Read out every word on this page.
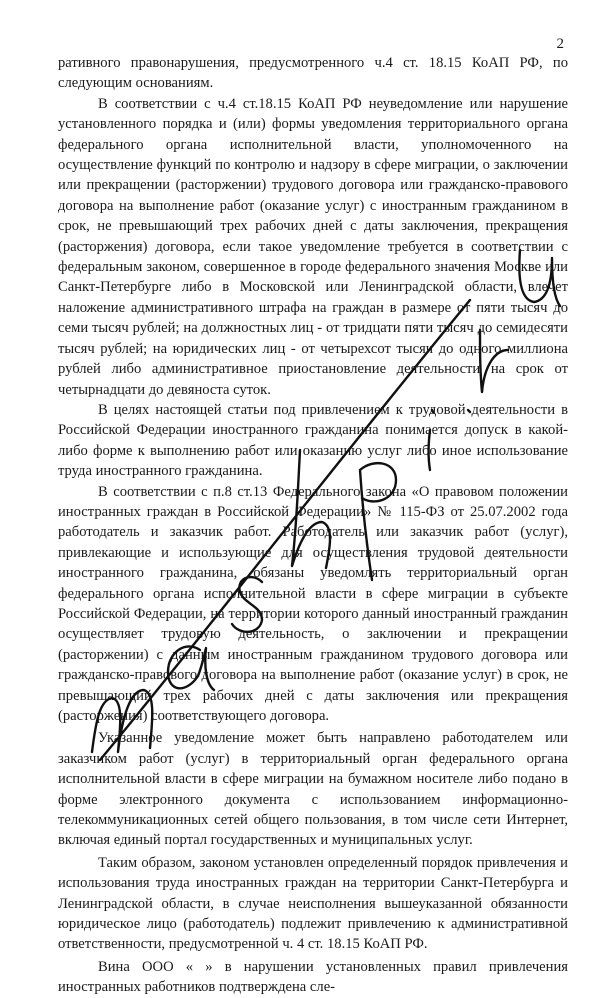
2

ративного правонарушения, предусмотренного ч.4 ст. 18.15 КоАП РФ, по следующим основаниям.

В соответствии с ч.4 ст.18.15 КоАП РФ неуведомление или нарушение установленного порядка и (или) формы уведомления территориального органа федерального органа исполнительной власти, уполномоченного на осуществление функций по контролю и надзору в сфере миграции, о заключении или прекращении (расторжении) трудового договора или гражданско-правового договора на выполнение работ (оказание услуг) с иностранным гражданином в срок, не превышающий трех рабочих дней с даты заключения, прекращения (расторжения) договора, если такое уведомление требуется в соответствии с федеральным законом, совершенное в городе федерального значения Москве или Санкт-Петербурге либо в Московской или Ленинградской области, влечет наложение административного штрафа на граждан в размере от пяти тысяч до семи тысяч рублей; на должностных лиц - от тридцати пяти тысяч до семидесяти тысяч рублей; на юридических лиц - от четырехсот тысяч до одного миллиона рублей либо административное приостановление деятельности на срок от четырнадцати до девяноста суток.

В целях настоящей статьи под привлечением к трудовой деятельности в Российской Федерации иностранного гражданина понимается допуск в какой-либо форме к выполнению работ или оказанию услуг либо иное использование труда иностранного гражданина.

В соответствии с п.8 ст.13 Федерального закона «О правовом положении иностранных граждан в Российской Федерации» № 115-ФЗ от 25.07.2002 года работодатель и заказчик работ. Работодатель или заказчик работ (услуг), привлекающие и использующие для осуществления трудовой деятельности иностранного гражданина, обязаны уведомлять территориальный орган федерального органа исполнительной власти в сфере миграции в субъекте Российской Федерации, на территории которого данный иностранный гражданин осуществляет трудовую деятельность, о заключении и прекращении (расторжении) с данным иностранным гражданином трудового договора или гражданско-правового договора на выполнение работ (оказание услуг) в срок, не превышающий трех рабочих дней с даты заключения или прекращения (расторжения) соответствующего договора.

Указанное уведомление может быть направлено работодателем или заказчиком работ (услуг) в территориальный орган федерального органа исполнительной власти в сфере миграции на бумажном носителе либо подано в форме электронного документа с использованием информационно-телекоммуникационных сетей общего пользования, в том числе сети Интернет, включая единый портал государственных и муниципальных услуг.

Таким образом, законом установлен определенный порядок привлечения и использования труда иностранных граждан на территории Санкт-Петербурга и Ленинградской области, в случае неисполнения вышеуказанной обязанности юридическое лицо (работодатель) подлежит привлечению к административной ответственности, предусмотренной ч. 4 ст. 18.15 КоАП РФ.

Вина ООО « » в нарушении установленных правил привлечения иностранных работников подтверждена сле-
